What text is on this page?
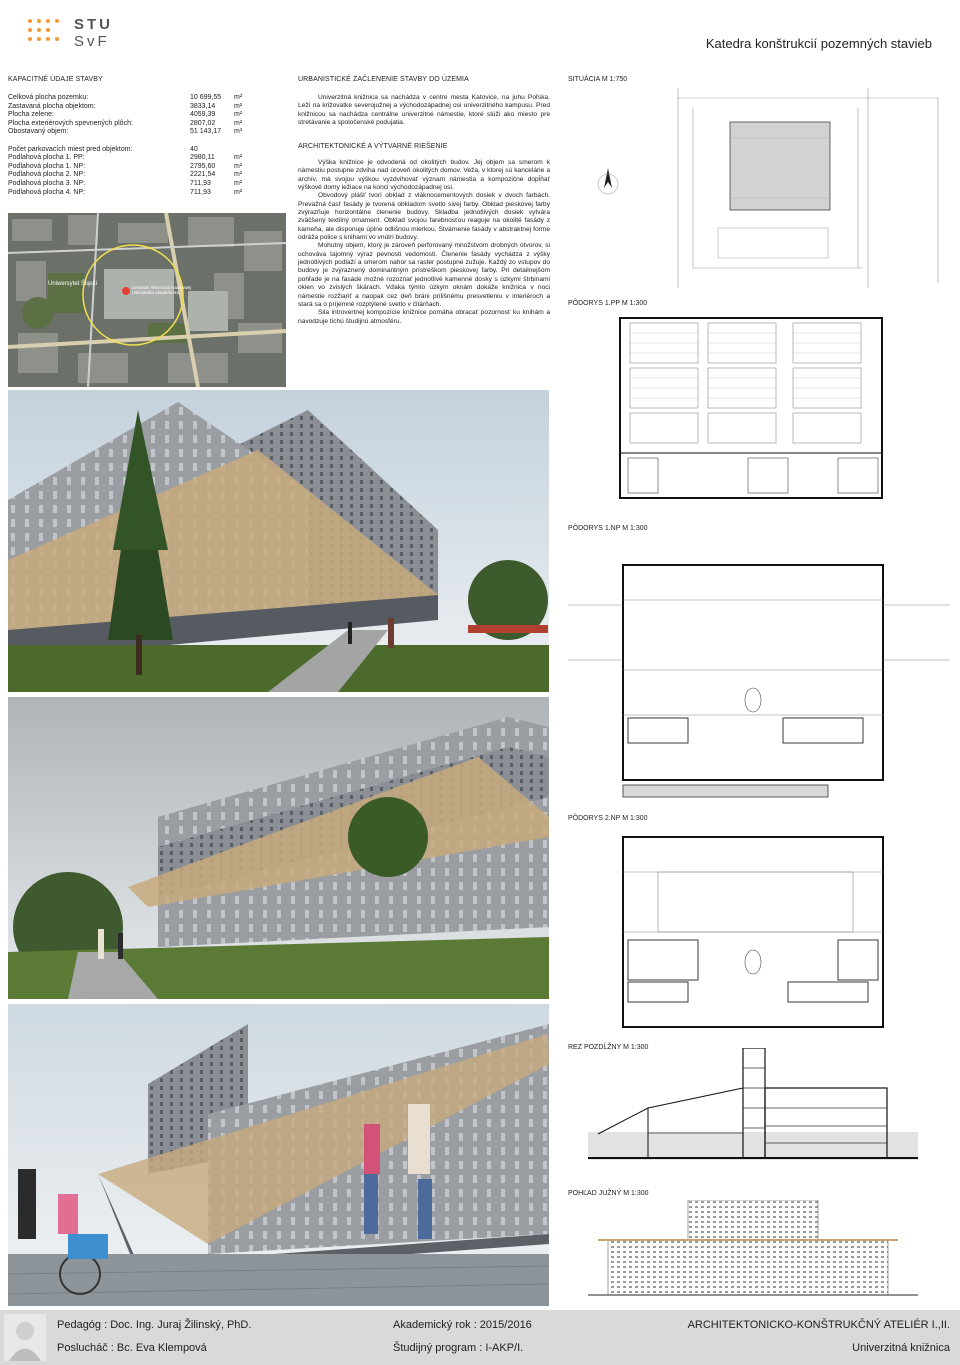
STU
SvF	Katedra konštrukcií pozemných stavieb
KAPACITNÉ ÚDAJE STAVBY
Celková plocha pozemku:	10 699,55	m²
Zastavaná plocha objektom:	3833,14	m²
Plocha zelene:	4059,39	m²
Plocha exteriérových spevnených plôch:	2807,02	m²
Obostavaný objem:	51 143,17	m³

Počet parkovacích miest pred objektom:	40	
Podlahová plocha 1. PP:	2980,11	m²
Podlahová plocha 1. NP:	2795,60	m²
Podlahová plocha 2. NP:	2221,54	m²
Podlahová plocha 3. NP:	711,93	m²
Podlahová plocha 4. NP:	711,93	m²
Uniwersytet Śląski
Centrum Informacji Naukowej i Biblioteka Akademicka
URBANISTICKÉ ZAČLENENIE STAVBY DO ÚZEMIA

Univerzitná knižnica sa nachádza v centre mesta Katovice, na juhu Poľska. Leží na križovatke severojužnej a východozápadnej osi univerzitného kampusu. Pred knižnicou sa nachádza centrálne univerzitné námestie, ktoré slúži ako miesto pre stretávanie a spoločenské podujatia.

ARCHITEKTONICKÉ A VÝTVARNÉ RIEŠENIE

Výška knižnice je odvodená od okolitých budov. Jej objem sa smerom k námestiu postupne zdvíha nad úroveň okolitých domov. Veža, v ktorej sú kancelárie a archív, má svojou výškou vyzdvihovať význam námestia a kompozične dopĺňať výškové domy ležiace na konci východozápadnej osi.

Obvodový plášť tvorí obklad z vláknocementových dosiek v dvoch farbách. Prevažná časť fasády je tvorená obkladom svetlo sivej farby. Obklad pieskovej farby zvýrazňuje horizontálne členenie budovy. Skladba jednotlivých dosiek vytvára zväčšený textilný ornament. Obklad svojou farebnosťou reaguje na okolité fasády z kameňa, ale disponuje úplne odlišnou mierkou. Stvárnenie fasády v abstraktnej forme odráža police s knihami vo vnútri budovy.

Mohutný objem, ktorý je zároveň perforovaný množstvom drobných otvorov, si uchováva tajomný výraz pevnosti vedomostí. Členenie fasády vychádza z výšky jednotlivých podlaží a smerom nahor sa raster postupne zužuje. Každý zo vstupov do budovy je zvýraznený dominantným prístreškom pieskovej farby. Pri detailnejšom pohľade je na fasáde možné rozoznať jednotlivé kamenné dosky s úzkymi štrbinami okien vo zvislých škárach. Vďaka týmto úzkym oknám dokáže knižnica v noci námestie rozžiariť a naopak cez deň bráni prílišnému presvetleniu v interiéroch a stará sa o príjemné rozptýlené svetlo v čitárňach.

Sila introvertnej kompozície knižnice pomáha obracať pozornosť ku knihám a navodzuje tichú študijnú atmosféru.

SITUÁCIA M 1:750
PÔDORYS 1.PP M 1:300
PÔDORYS 1.NP M 1:300
PÔDORYS 2.NP M 1:300
REZ POZDĹŽNY M 1:300
POHĽAD JUŽNÝ M 1:300
Pedagóg : Doc. Ing. Juraj Žilinský, PhD.
Poslucháč : Bc. Eva Klempová
Akademický rok : 2015/2016
Študijný program : I-AKP/I.
ARCHITEKTONICKO-KONŠTRUKČNÝ ATELIÉR I.,II.
Univerzitná knižnica
